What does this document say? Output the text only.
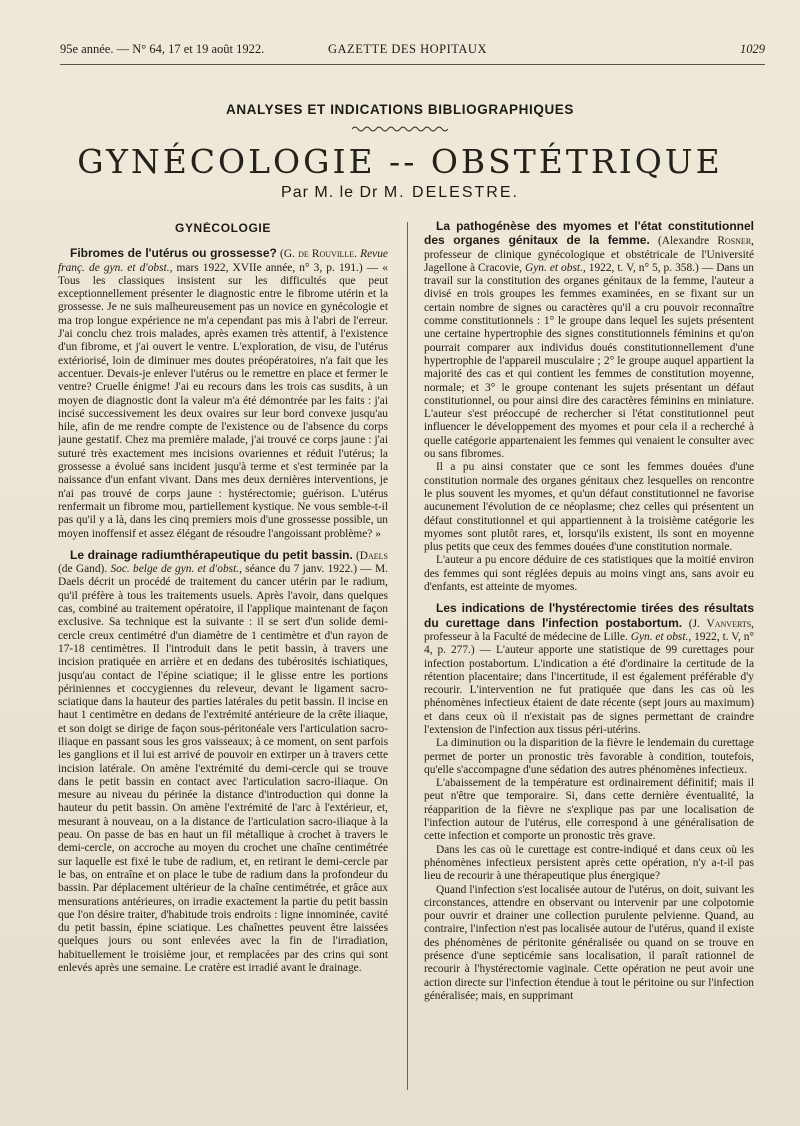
95e année. — N° 64, 17 et 19 août 1922.	GAZETTE DES HOPITAUX	1029
ANALYSES ET INDICATIONS BIBLIOGRAPHIQUES
GYNÉCOLOGIE -- OBSTÉTRIQUE
Par M. le Dr M. DELESTRE.
GYNÉCOLOGIE

Fibromes de l'utérus ou grossesse? (G. de Rouville. Revue franç. de gyn. et d'obst., mars 1922, XVIIe année, n° 3, p. 191.) — « Tous les classiques insistent sur les difficultés que peut exceptionnellement présenter le diagnostic entre le fibrome utérin et la grossesse. Je ne suis malheureusement pas un novice en gynécologie et ma trop longue expérience ne m'a cependant pas mis à l'abri de l'erreur. J'ai conclu chez trois malades, après examen très attentif, à l'existence d'un fibrome, et j'ai ouvert le ventre. L'exploration, de visu, de l'utérus extériorisé, loin de diminuer mes doutes préopératoires, n'a fait que les accentuer. Devais-je enlever l'utérus ou le remettre en place et fermer le ventre? Cruelle énigme! J'ai eu recours dans les trois cas susdits, à un moyen de diagnostic dont la valeur m'a été démontrée par les faits : j'ai incisé successivement les deux ovaires sur leur bord convexe jusqu'au hile, afin de me rendre compte de l'existence ou de l'absence du corps jaune gestatif. Chez ma première malade, j'ai trouvé ce corps jaune : j'ai suturé très exactement mes incisions ovariennes et réduit l'utérus; la grossesse a évolué sans incident jusqu'à terme et s'est terminée par la naissance d'un enfant vivant. Dans mes deux dernières interventions, je n'ai pas trouvé de corps jaune : hystérectomie; guérison. L'utérus renfermait un fibrome mou, partiellement kystique. Ne vous semble-t-il pas qu'il y a là, dans les cinq premiers mois d'une grossesse possible, un moyen inoffensif et assez élégant de résoudre l'angoissant problème? »

Le drainage radiumthérapeutique du petit bassin. (Daels (de Gand). Soc. belge de gyn. et d'obst., séance du 7 janv. 1922.) — M. Daels décrit un procédé de traitement du cancer utérin par le radium, qu'il préfère à tous les traitements usuels. Après l'avoir, dans quelques cas, combiné au traitement opératoire, il l'applique maintenant de façon exclusive. Sa technique est la suivante : il se sert d'un solide demi-cercle creux centimétré d'un diamètre de 1 centimètre et d'un rayon de 17-18 centimètres. Il l'introduit dans le petit bassin, à travers une incision pratiquée en arrière et en dedans des tubérosités ischiatiques, jusqu'au contact de l'épine sciatique; il le glisse entre les portions périniennes et coccygiennes du releveur, devant le ligament sacro-sciatique dans la hauteur des parties latérales du petit bassin. Il incise en haut 1 centimètre en dedans de l'extrémité antérieure de la crête iliaque, et son doigt se dirige de façon sous-péritonéale vers l'articulation sacro-iliaque en passant sous les gros vaisseaux; à ce moment, on sent parfois les ganglions et il lui est arrivé de pouvoir en extirper un à travers cette incision latérale. On amène l'extrémité du demi-cercle qui se trouve dans le petit bassin en contact avec l'articulation sacro-iliaque. On mesure au niveau du périnée la distance d'introduction qui donne la hauteur du petit bassin. On amène l'extrémité de l'arc à l'extérieur, et, mesurant à nouveau, on a la distance de l'articulation sacro-iliaque à la peau. On passe de bas en haut un fil métallique à crochet à travers le demi-cercle, on accroche au moyen du crochet une chaîne centimétrée sur laquelle est fixé le tube de radium, et, en retirant le demi-cercle par le bas, on entraîne et on place le tube de radium dans la profondeur du bassin. Par déplacement ultérieur de la chaîne centimétrée, et grâce aux mensurations antérieures, on irradie exactement la partie du petit bassin que l'on désire traiter, d'habitude trois endroits : ligne innominée, cavité du petit bassin, épine sciatique. Les chaînettes peuvent être laissées quelques jours ou sont enlevées avec la fin de l'irradiation, habituellement le troisième jour, et remplacées par des crins qui sont enlevés après une semaine. Le cratère est irradié avant le drainage.

La pathogénèse des myomes et l'état constitutionnel des organes génitaux de la femme. (Alexandre Rosner, professeur de clinique gynécologique et obstétricale de l'Université Jagellone à Cracovie, Gyn. et obst., 1922, t. V, n° 5, p. 358.) — Dans un travail sur la constitution des organes génitaux de la femme, l'auteur a divisé en trois groupes les femmes examinées, en se fixant sur un certain nombre de signes ou caractères qu'il a cru pouvoir reconnaître comme constitutionnels : 1° le groupe dans lequel les sujets présentent une certaine hypertrophie des signes constitutionnels féminins et qu'on pourrait comparer aux individus doués constitutionnellement d'une hypertrophie de l'appareil musculaire ; 2° le groupe auquel appartient la majorité des cas et qui contient les femmes de constitution moyenne, normale; et 3° le groupe contenant les sujets présentant un défaut constitutionnel, ou pour ainsi dire des caractères féminins en miniature. L'auteur s'est préoccupé de rechercher si l'état constitutionnel peut influencer le développement des myomes et pour cela il a recherché à quelle catégorie appartenaient les femmes qui venaient le consulter avec ou sans fibromes.

Il a pu ainsi constater que ce sont les femmes douées d'une constitution normale des organes génitaux chez lesquelles on rencontre le plus souvent les myomes, et qu'un défaut constitutionnel ne favorise aucunement l'évolution de ce néoplasme; chez celles qui présentent un défaut constitutionnel et qui appartiennent à la troisième catégorie les myomes sont plutôt rares, et, lorsqu'ils existent, ils sont en moyenne plus petits que ceux des femmes douées d'une constitution normale.

L'auteur a pu encore déduire de ces statistiques que la moitié environ des femmes qui sont réglées depuis au moins vingt ans, sans avoir eu d'enfants, est atteinte de myomes.

Les indications de l'hystérectomie tirées des résultats du curettage dans l'infection postabortum. (J. Vanverts, professeur à la Faculté de médecine de Lille. Gyn. et obst., 1922, t. V, n° 4, p. 277.) — L'auteur apporte une statistique de 99 curettages pour infection postabortum. L'indication a été d'ordinaire la certitude de la rétention placentaire; dans l'incertitude, il est également préférable d'y recourir. L'intervention ne fut pratiquée que dans les cas où les phénomènes infectieux étaient de date récente (sept jours au maximum) et dans ceux où il n'existait pas de signes permettant de craindre l'extension de l'infection aux tissus péri-utérins.

La diminution ou la disparition de la fièvre le lendemain du curettage permet de porter un pronostic très favorable à condition, toutefois, qu'elle s'accompagne d'une sédation des autres phénomènes infectieux.

L'abaissement de la température est ordinairement définitif; mais il peut n'être que temporaire. Si, dans cette dernière éventualité, la réapparition de la fièvre ne s'explique pas par une localisation de l'infection autour de l'utérus, elle correspond à une généralisation de cette infection et comporte un pronostic très grave.

Dans les cas où le curettage est contre-indiqué et dans ceux où les phénomènes infectieux persistent après cette opération, n'y a-t-il pas lieu de recourir à une thérapeutique plus énergique?

Quand l'infection s'est localisée autour de l'utérus, on doit, suivant les circonstances, attendre en observant ou intervenir par une colpotomie pour ouvrir et drainer une collection purulente pelvienne. Quand, au contraire, l'infection n'est pas localisée autour de l'utérus, quand il existe des phénomènes de péritonite généralisée ou quand on se trouve en présence d'une septicémie sans localisation, il paraît rationnel de recourir à l'hystérectomie vaginale. Cette opération ne peut avoir une action directe sur l'infection étendue à tout le péritoine ou sur l'infection généralisée; mais, en supprimant
